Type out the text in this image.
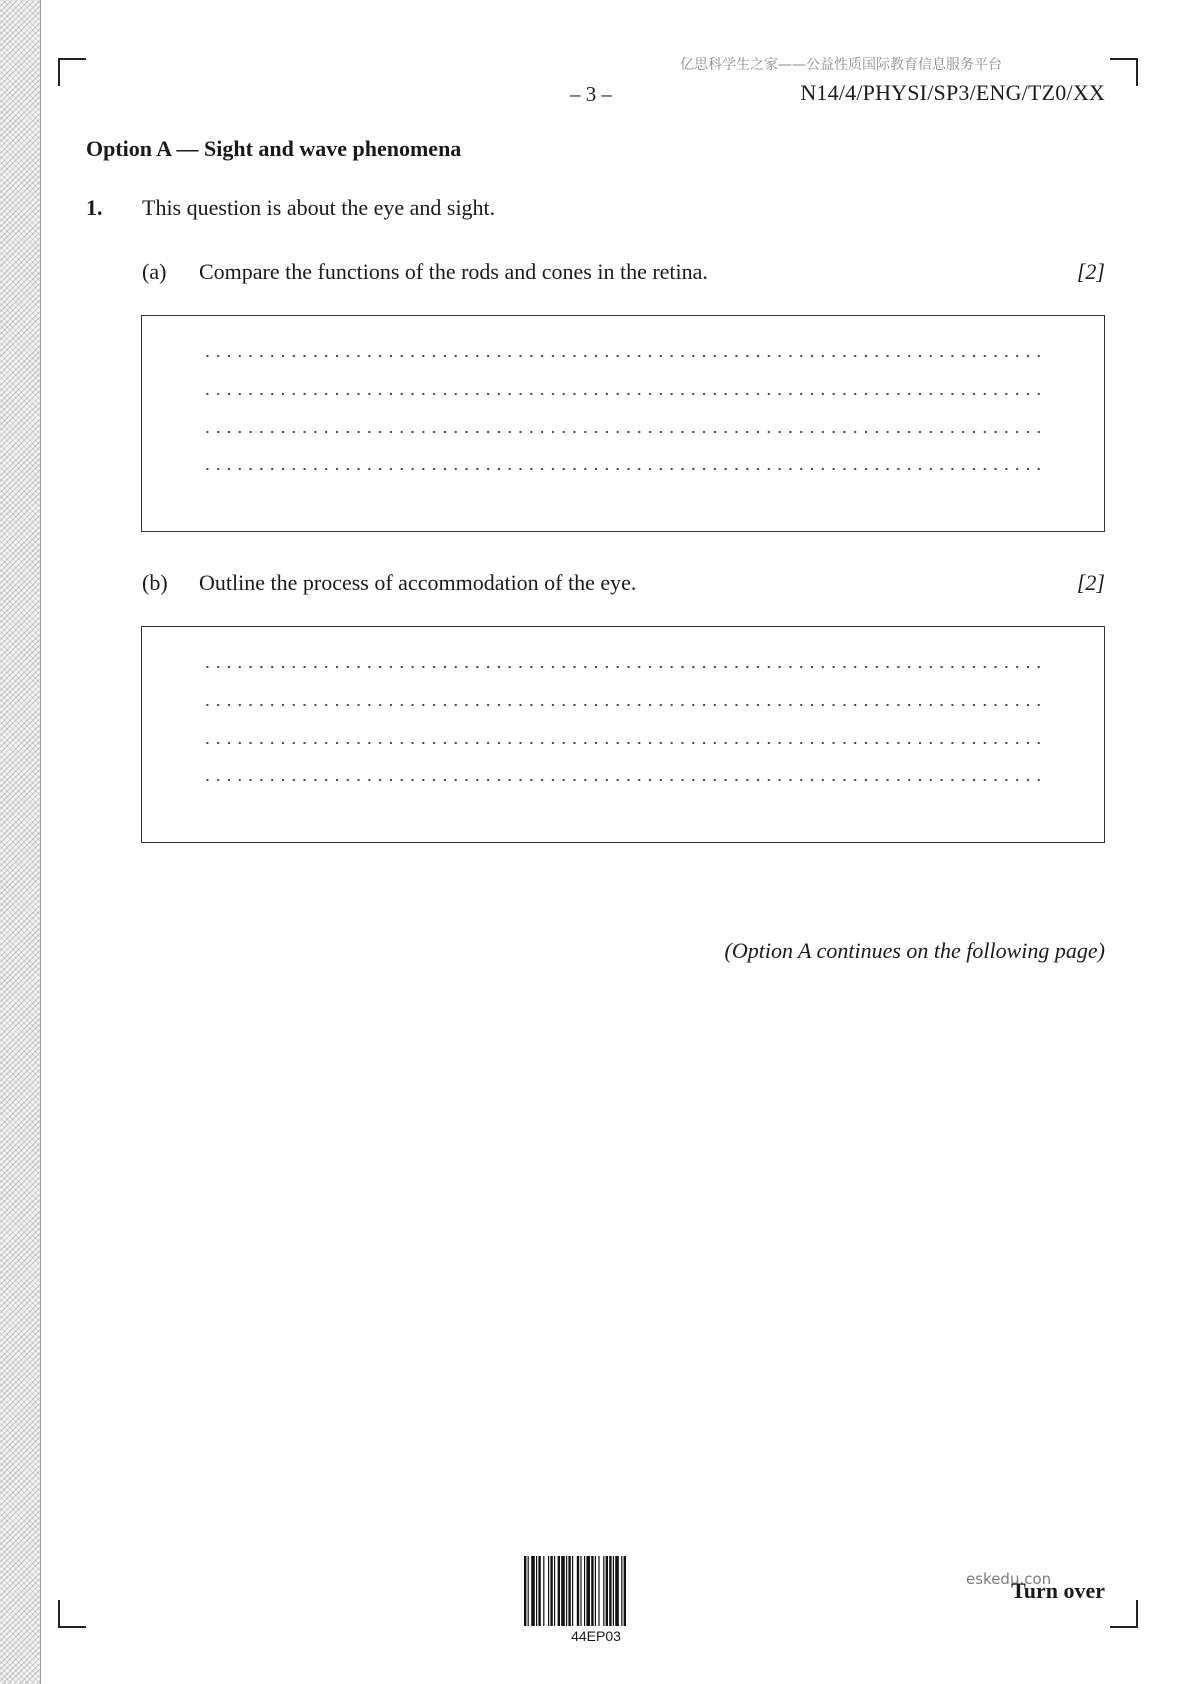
亿思科学生之家——公益性质国际教育信息服务平台
– 3 –	N14/4/PHYSI/SP3/ENG/TZ0/XX
Option A — Sight and wave phenomena
1. This question is about the eye and sight.
(a) Compare the functions of the rods and cones in the retina.	[2]
(b) Outline the process of accommodation of the eye.	[2]
(Option A continues on the following page)
44EP03
eskedu.con
Turn over
